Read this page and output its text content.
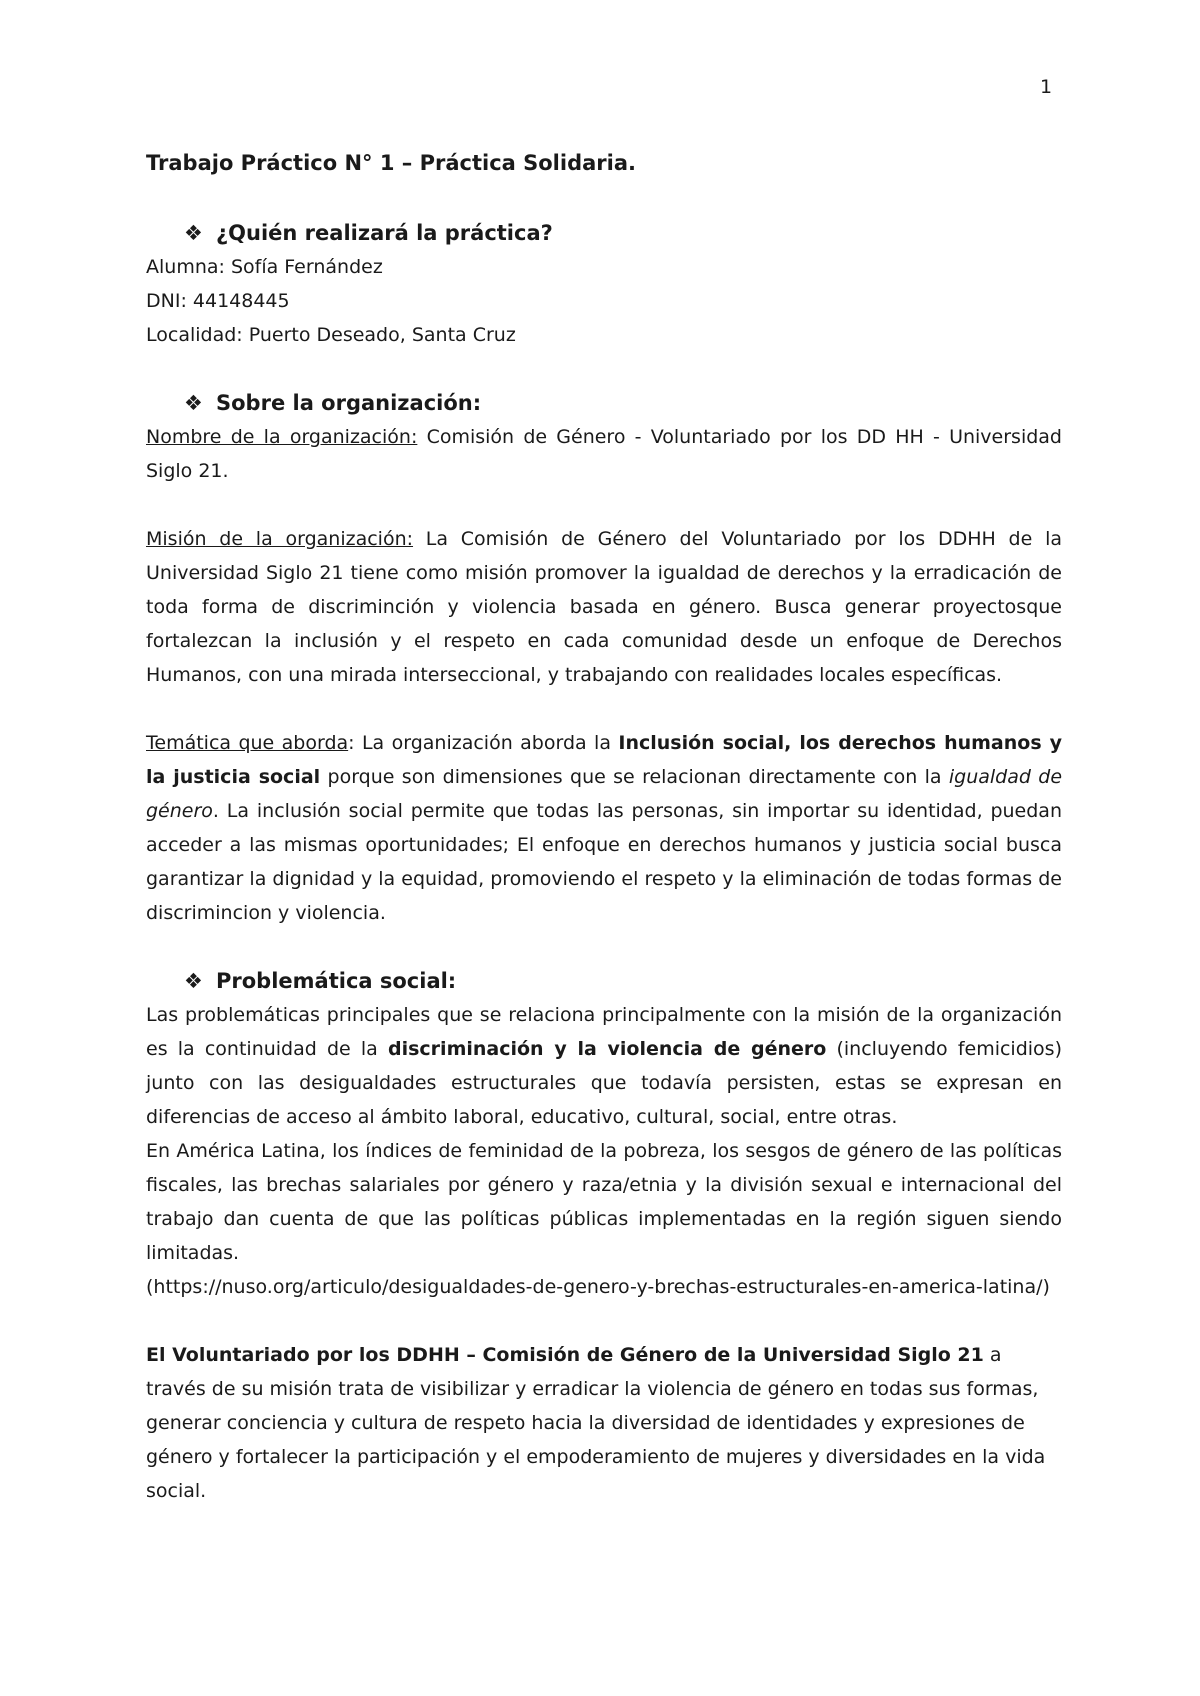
1

Trabajo Práctico N° 1 – Práctica Solidaria.

❖ ¿Quién realizará la práctica?

Alumna: Sofía Fernández

DNI: 44148445

Localidad: Puerto Deseado, Santa Cruz

❖ Sobre la organización:

Nombre de la organización: Comisión de Género - Voluntariado por los DD HH - Universidad Siglo 21.

Misión de la organización: La Comisión de Género del Voluntariado por los DDHH de la Universidad Siglo 21 tiene como misión promover la igualdad de derechos y la erradicación de toda forma de discriminción y violencia basada en género. Busca generar proyectosque fortalezcan la inclusión y el respeto en cada comunidad desde un enfoque de Derechos Humanos, con una mirada interseccional, y trabajando con realidades locales específicas.

Temática que aborda: La organización aborda la Inclusión social, los derechos humanos y la justicia social porque son dimensiones que se relacionan directamente con la igualdad de género. La inclusión social permite que todas las personas, sin importar su identidad, puedan acceder a las mismas oportunidades; El enfoque en derechos humanos y justicia social busca garantizar la dignidad y la equidad, promoviendo el respeto y la eliminación de todas formas de discrimincion y violencia.

❖ Problemática social:

Las problemáticas principales que se relaciona principalmente con la misión de la organización es la continuidad de la discriminación y la violencia de género (incluyendo femicidios) junto con las desigualdades estructurales que todavía persisten, estas se expresan en diferencias de acceso al ámbito laboral, educativo, cultural, social, entre otras.

En América Latina, los índices de feminidad de la pobreza, los sesgos de género de las políticas fiscales, las brechas salariales por género y raza/etnia y la división sexual e internacional del trabajo dan cuenta de que las políticas públicas implementadas en la región siguen siendo limitadas.

(https://nuso.org/articulo/desigualdades-de-genero-y-brechas-estructurales-en-america-latina/)

El Voluntariado por los DDHH – Comisión de Género de la Universidad Siglo 21 a través de su misión trata de visibilizar y erradicar la violencia de género en todas sus formas, generar conciencia y cultura de respeto hacia la diversidad de identidades y expresiones de género y fortalecer la participación y el empoderamiento de mujeres y diversidades en la vida social.
